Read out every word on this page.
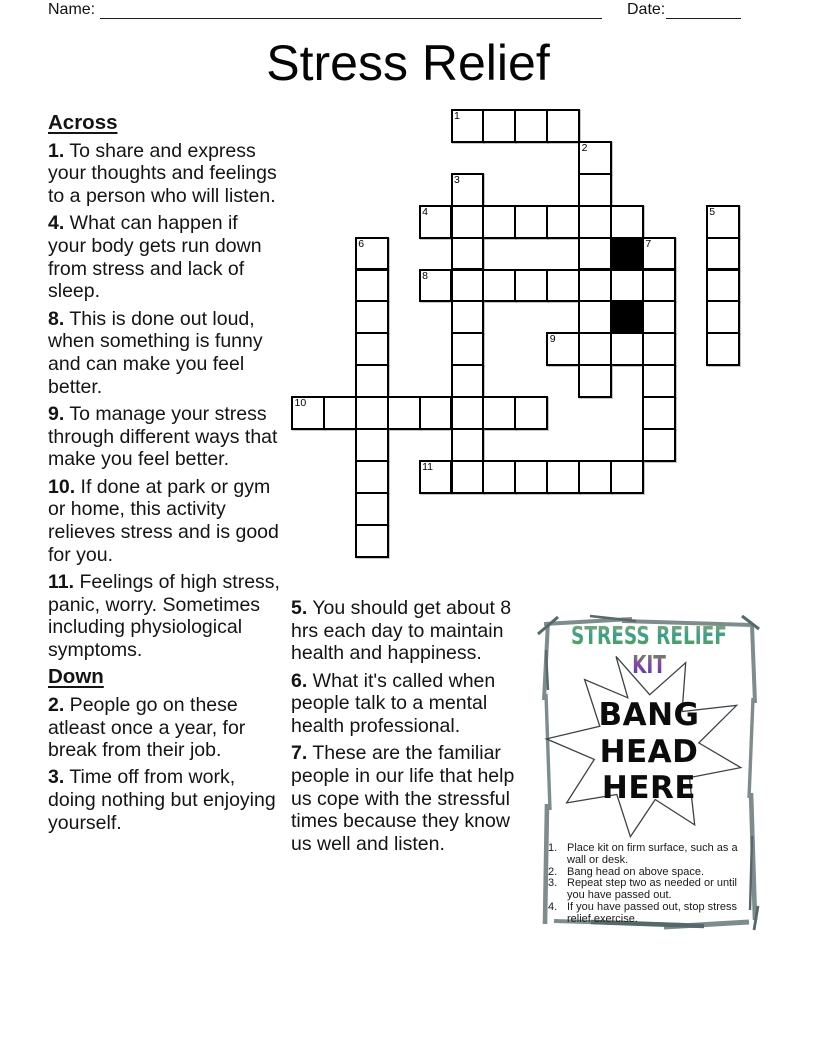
Name:	Date:
Stress Relief
1
2
3
4	5
6	7
8
9
10
11

Across

1. To share and express your thoughts and feelings to a person who will listen.

4. What can happen if your body gets run down from stress and lack of sleep.

8. This is done out loud, when something is funny and can make you feel better.

9. To manage your stress through different ways that make you feel better.

10. If done at park or gym or home, this activity relieves stress and is good for you.

11. Feelings of high stress, panic, worry. Sometimes including physiological symptoms.

Down

2. People go on these atleast once a year, for break from their job.

3. Time off from work, doing nothing but enjoying yourself.

5. You should get about 8 hrs each day to maintain health and happiness.

6. What it's called when people talk to a mental health professional.

7. These are the familiar people in our life that help us cope with the stressful times because they know us well and listen.

STRESS RELIEF KIT
BANG
HEAD
HERE
1. Place kit on firm surface, such as a wall or desk.
2. Bang head on above space.
3. Repeat step two as needed or until you have passed out.
4. If you have passed out, stop stress relief exercise.
